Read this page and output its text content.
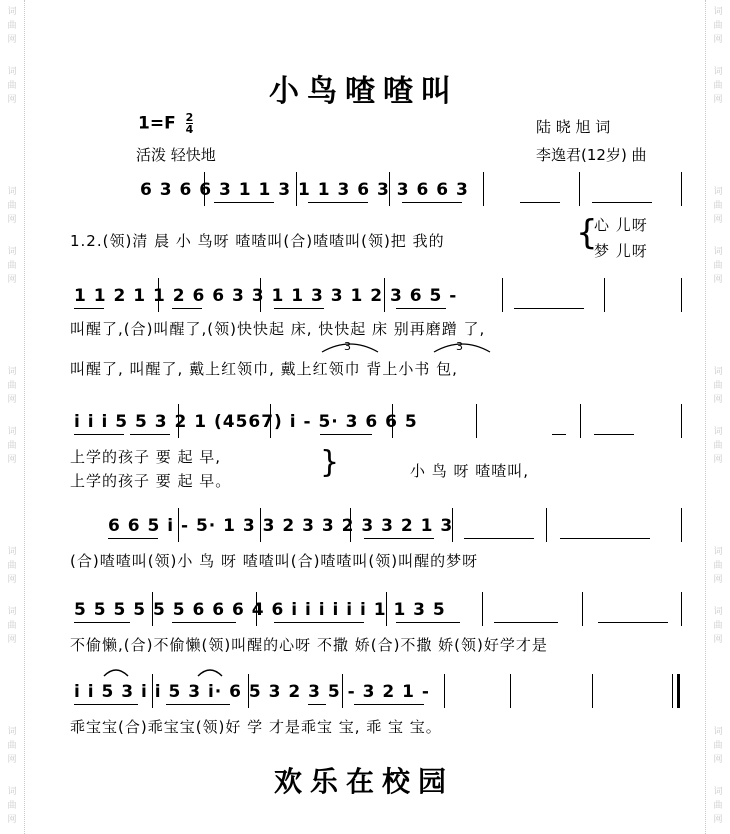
词
曲
网
词
曲
网
词
曲
网
词
曲
网
词
曲
网
词
曲
网
词
曲
网
词
曲
网
词
曲
网
词
曲
网
词
曲
网
词
曲
网
词
曲
网
词
曲
网
词
曲
网
词
曲
网
词
曲
网
词
曲
网
词
曲
网
词
曲
网
小鸟喳喳叫
$1=F \frac{2}{4}$
活泼 轻快地
陆 晓 旭 词
李逸君(12岁) 曲
6 3 6 6 3 1 1 3 1 1 3 6 3 3 6 6 3
1.2.(领)清 晨 小 鸟呀 喳喳叫(合)喳喳叫(领)把 我的	{
心 儿呀
梦 儿呀
1 1 2 1 1 2 6 6 3 3 1 1 3 3 1 2 3 6 5 -
叫醒了,(合)叫醒了,(领)快快起 床, 快快起 床 别再磨蹭 了,
叫醒了, 叫醒了, 戴上红领巾, 戴上红领巾 背上小书 包,
3	3
i i i 5 5 3 2 1 (4567) i - 5· 3 6 6 5
上学的孩子 要 起 早,
上学的孩子 要 起 早。
}	小 鸟 呀 喳喳叫,
6 6 5 i - 5· 1 3 3 2 3 3 2 3 3 2 1 3
(合)喳喳叫(领)小 鸟 呀 喳喳叫(合)喳喳叫(领)叫醒的梦呀
5 5 5 5 5 5 6 6 6 4 6 i i i i i i 1 1 3 5
不偷懒,(合)不偷懒(领)叫醒的心呀 不撒 娇(合)不撒 娇(领)好学才是
i i 5 3 i i 5 3 i· 6 5 3 2 3 5 - 3 2 1 -
乖宝宝(合)乖宝宝(领)好 学 才是乖宝 宝, 乖 宝 宝。
欢乐在校园
